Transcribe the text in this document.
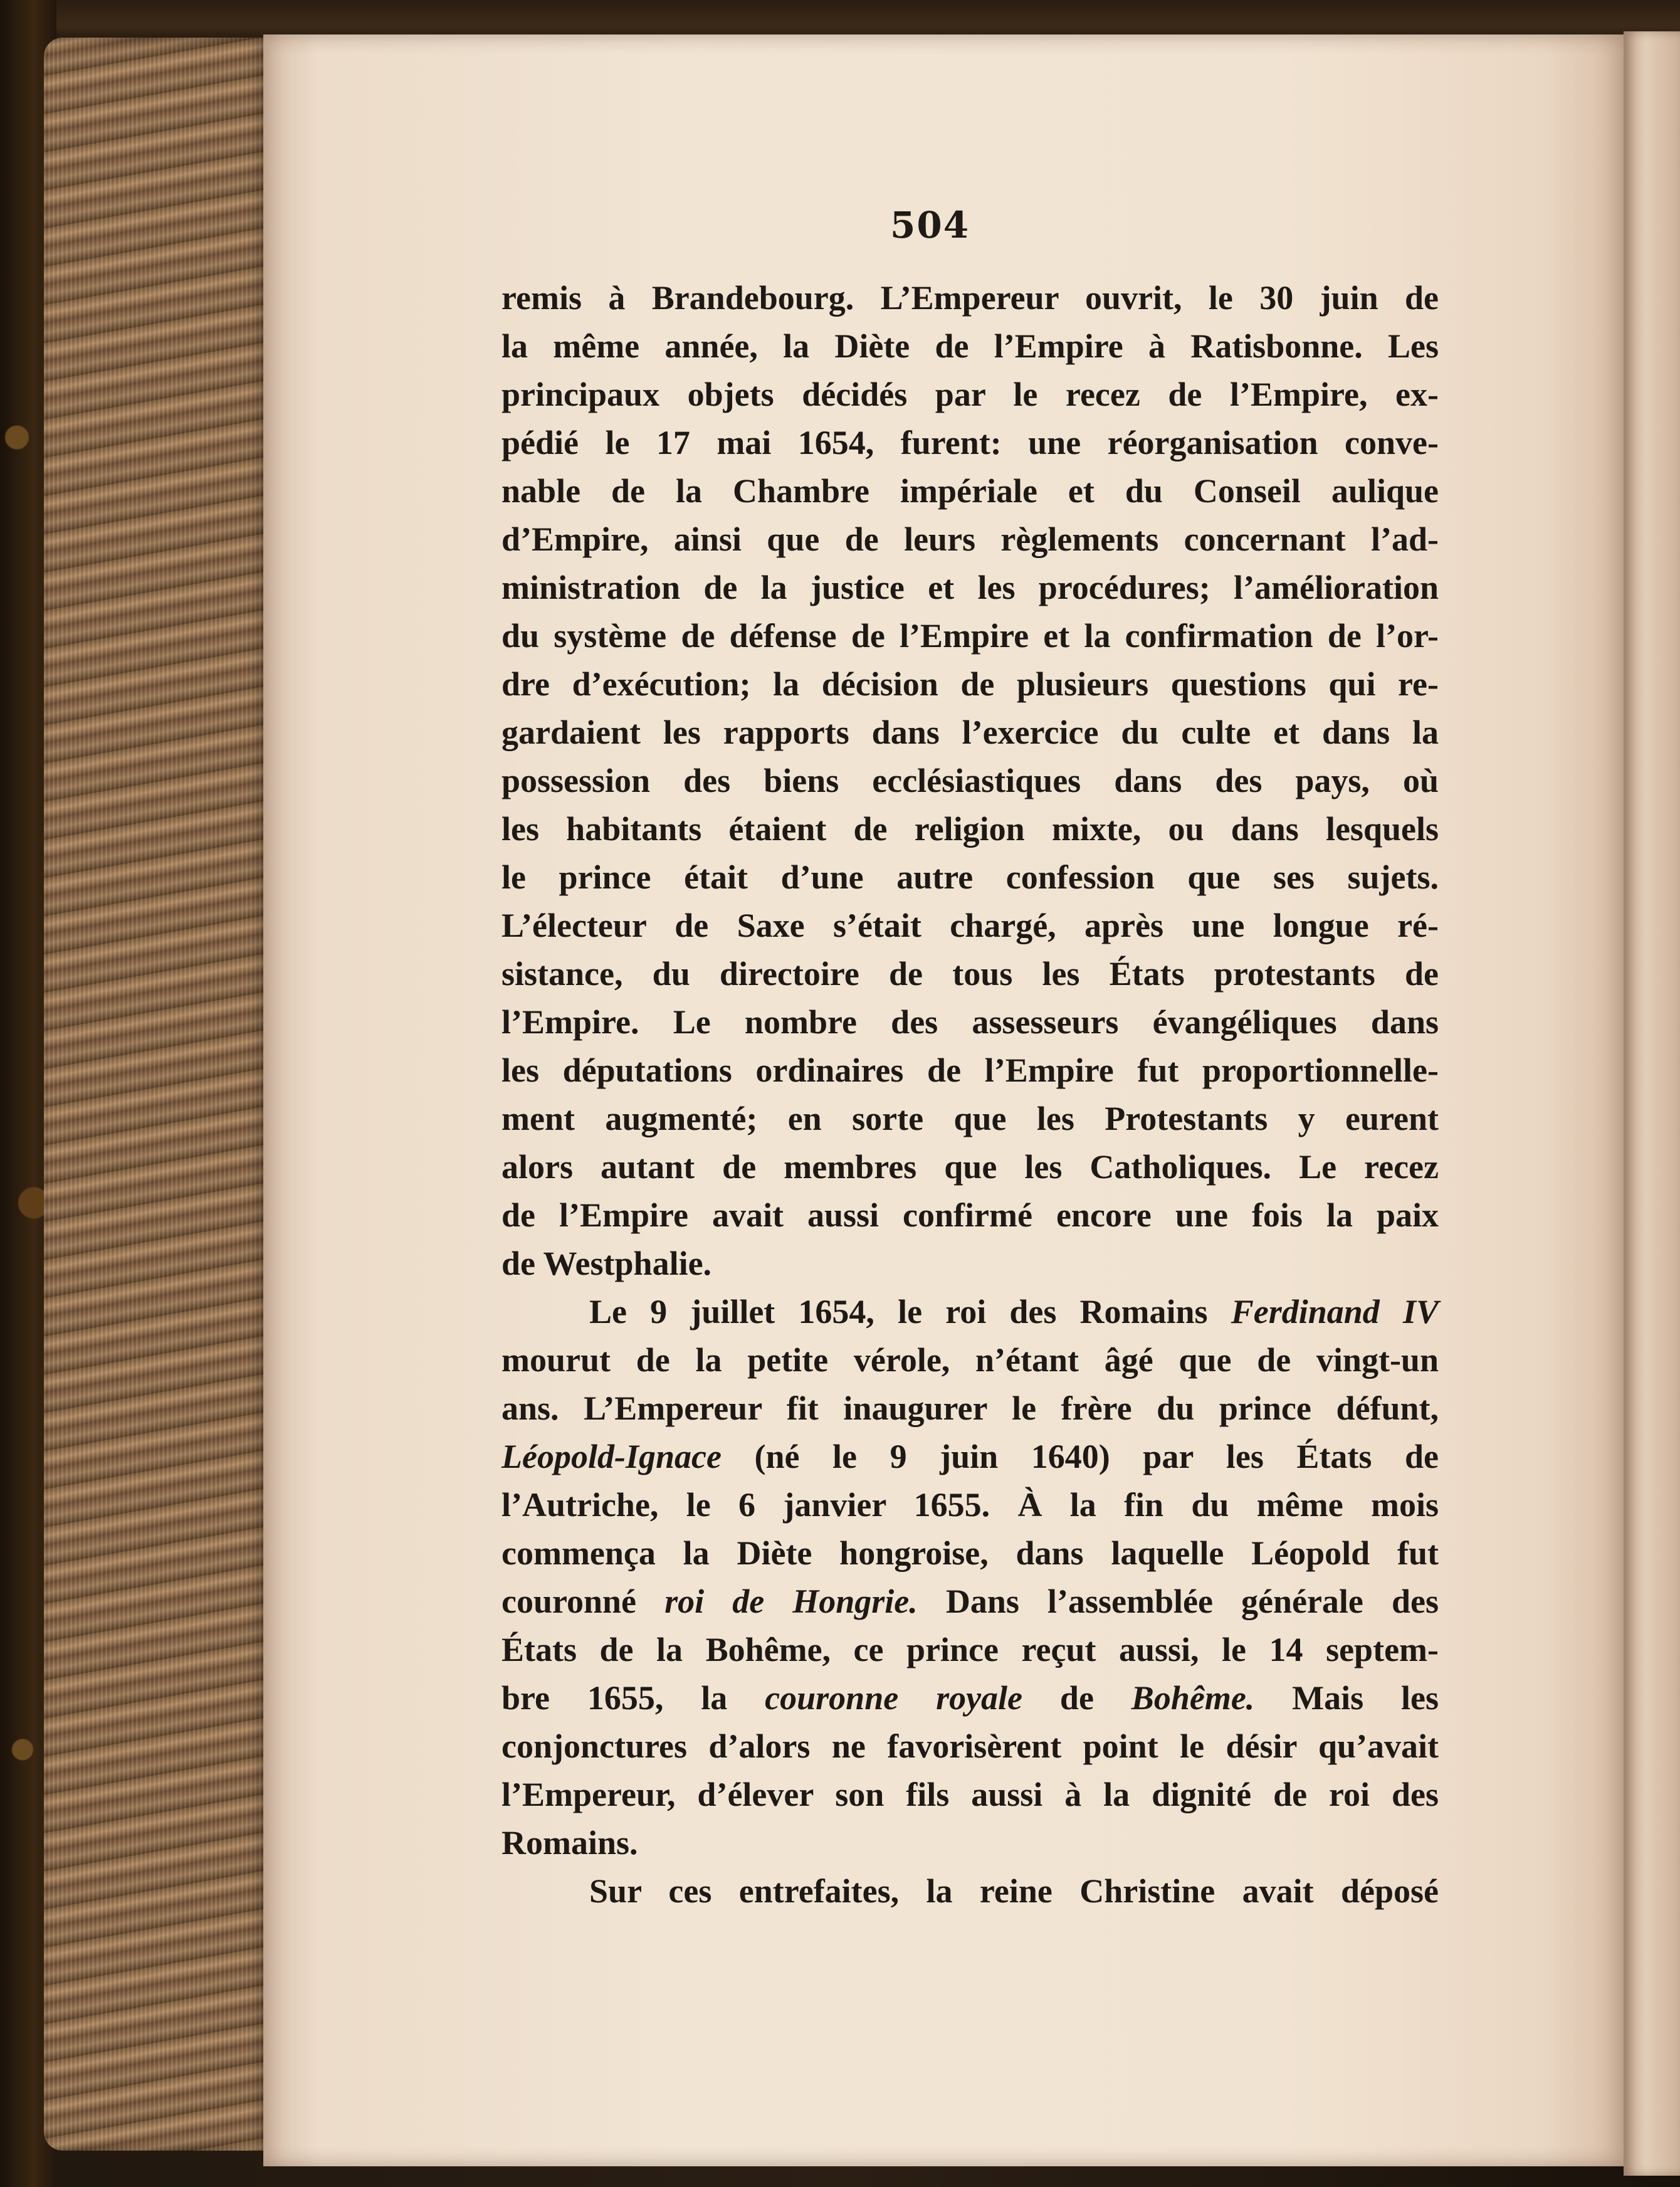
504
remis à Brandebourg. L’Empereur ouvrit, le 30 juin de
la même année, la Diète de l’Empire à Ratisbonne. Les
principaux objets décidés par le recez de l’Empire, ex-
pédié le 17 mai 1654, furent: une réorganisation conve-
nable de la Chambre impériale et du Conseil aulique
d’Empire, ainsi que de leurs règlements concernant l’ad-
ministration de la justice et les procédures; l’amélioration
du système de défense de l’Empire et la confirmation de l’or-
dre d’exécution; la décision de plusieurs questions qui re-
gardaient les rapports dans l’exercice du culte et dans la
possession des biens ecclésiastiques dans des pays, où
les habitants étaient de religion mixte, ou dans lesquels
le prince était d’une autre confession que ses sujets.
L’électeur de Saxe s’était chargé, après une longue ré-
sistance, du directoire de tous les États protestants de
l’Empire. Le nombre des assesseurs évangéliques dans
les députations ordinaires de l’Empire fut proportionnelle-
ment augmenté; en sorte que les Protestants y eurent
alors autant de membres que les Catholiques. Le recez
de l’Empire avait aussi confirmé encore une fois la paix
de Westphalie.
Le 9 juillet 1654, le roi des Romains Ferdinand IV
mourut de la petite vérole, n’étant âgé que de vingt-un
ans. L’Empereur fit inaugurer le frère du prince défunt,
Léopold-Ignace (né le 9 juin 1640) par les États de
l’Autriche, le 6 janvier 1655. À la fin du même mois
commença la Diète hongroise, dans laquelle Léopold fut
couronné roi de Hongrie. Dans l’assemblée générale des
États de la Bohême, ce prince reçut aussi, le 14 septem-
bre 1655, la couronne royale de Bohême. Mais les
conjonctures d’alors ne favorisèrent point le désir qu’avait
l’Empereur, d’élever son fils aussi à la dignité de roi des
Romains.
Sur ces entrefaites, la reine Christine avait déposé
